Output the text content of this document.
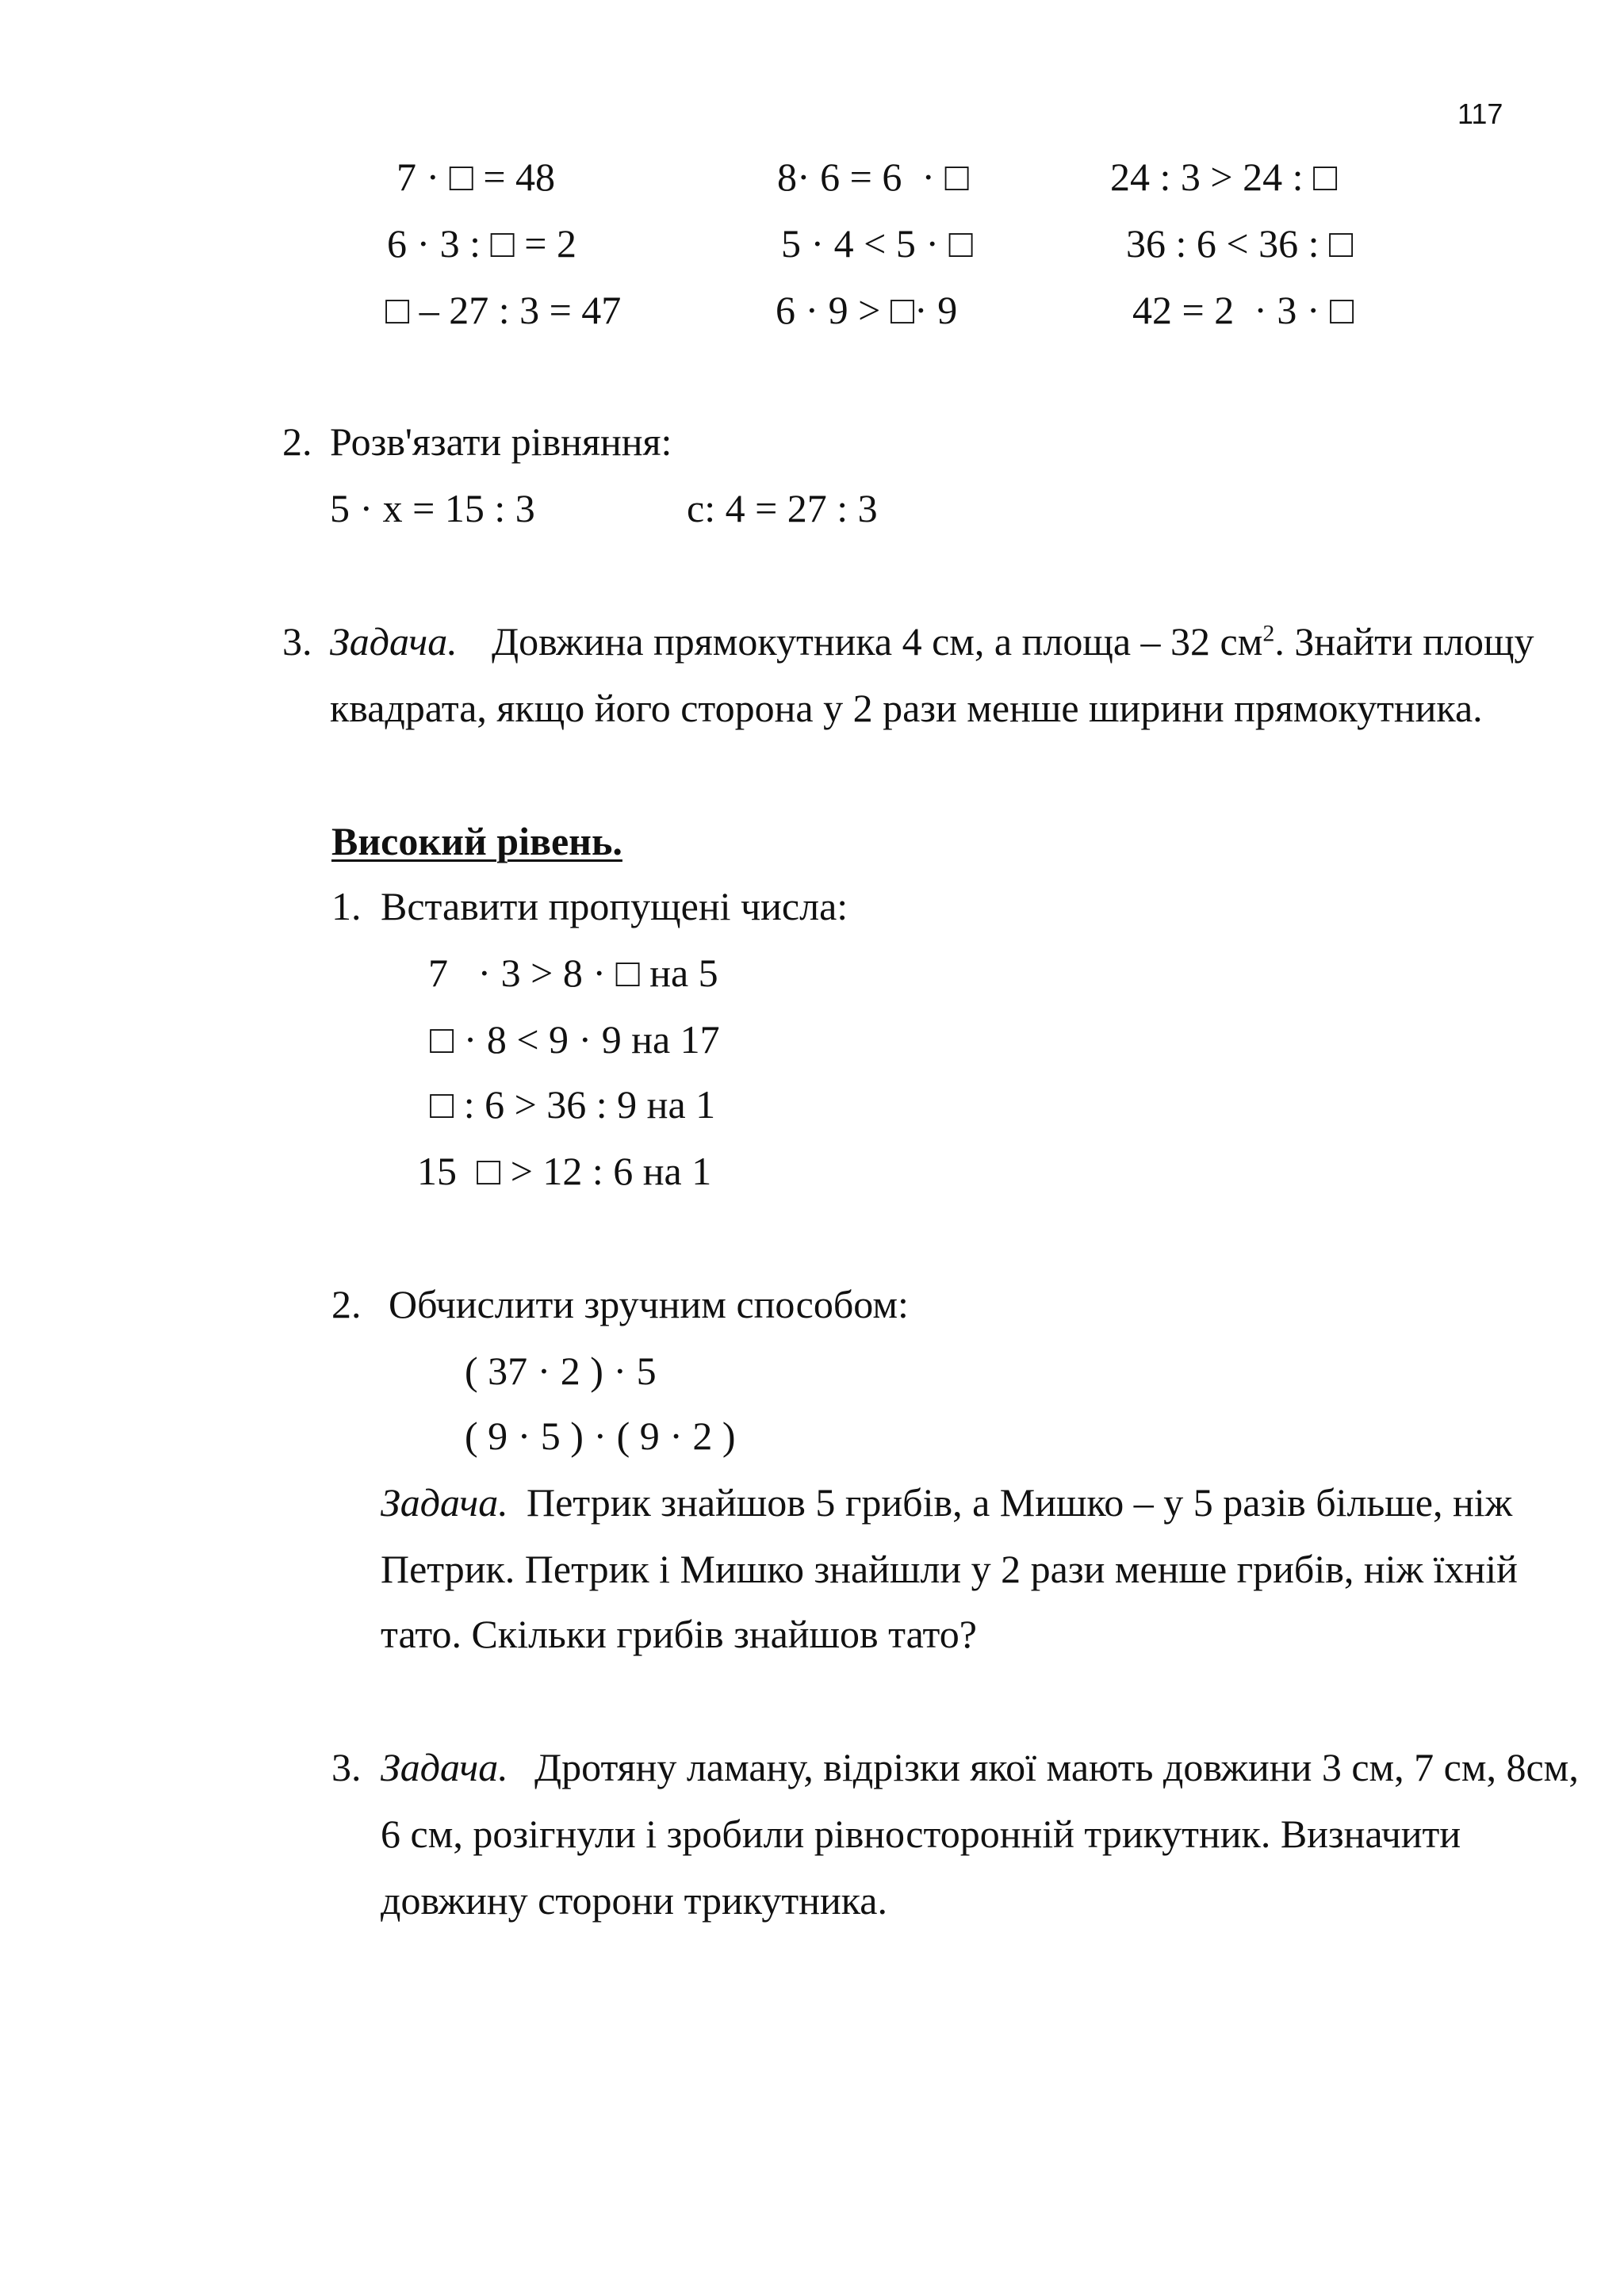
117
7 · □ = 48	8· 6 = 6  · □	24 : 3 > 24 : □
6 · 3 : □ = 2	5 · 4 < 5 · □	36 : 6 < 36 : □
□ – 27 : 3 = 47	6 · 9 > □· 9	42 = 2  · 3 · □
2. Розв'язати рівняння:
5 · х = 15 : 3	с: 4 = 27 : 3
3. Задача. Довжина прямокутника 4 см, а площа – 32 $см^2$. Знайти площу
квадрата, якщо його сторона у 2 рази менше ширини прямокутника.
Високий рівень.
1. Вставити пропущені числа:
7   · 3 > 8 · □ на 5
□ · 8 < 9 · 9 на 17
□ : 6 > 36 : 9 на 1
15  □ > 12 : 6 на 1
2. Обчислити зручним способом:
( 37 · 2 ) · 5
( 9 · 5 ) · ( 9 · 2 )
Задача. Петрик знайшов 5 грибів, а Мишко – у 5 разів більше, ніж
Петрик. Петрик і Мишко знайшли у 2 рази менше грибів, ніж їхній
тато. Скільки грибів знайшов тато?
3. Задача. Дротяну ламану, відрізки якої мають довжини 3 см, 7 см, 8см,
6 см, розігнули і зробили рівносторонній трикутник. Визначити
довжину сторони трикутника.
